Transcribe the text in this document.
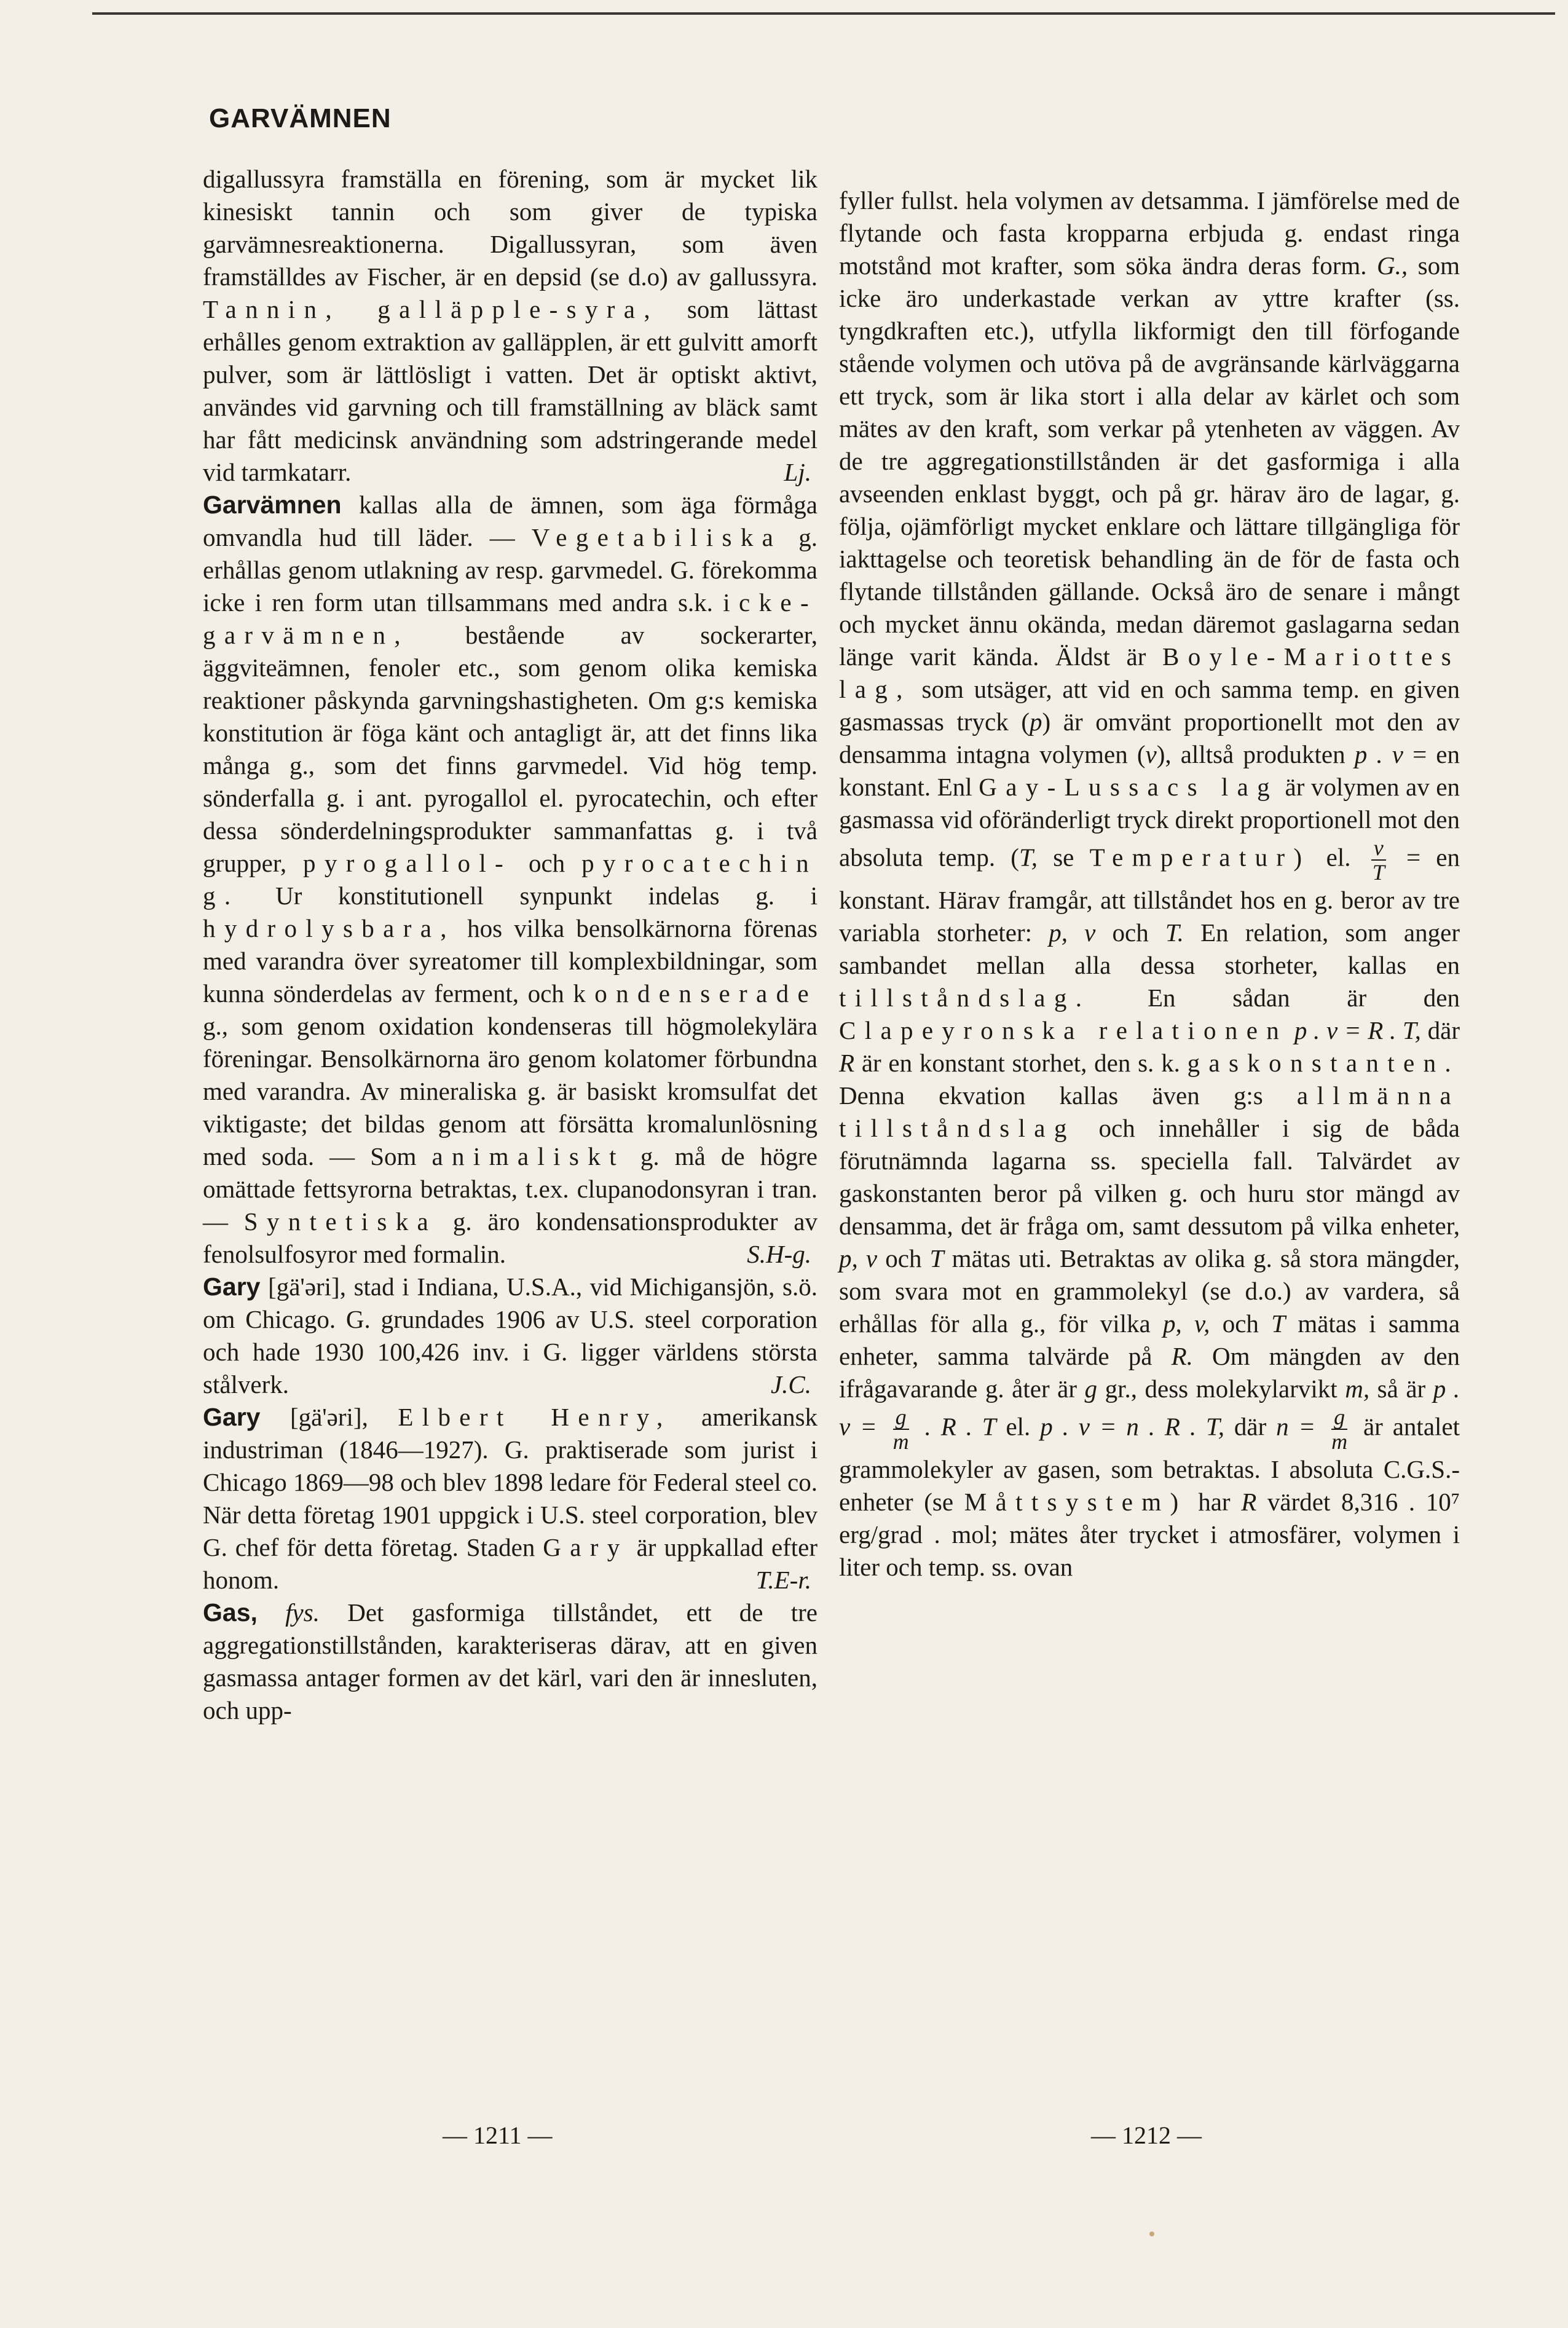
GARVÄMNEN

digallussyra framställa en förening, som är mycket lik kinesiskt tannin och som giver de typiska garvämnesreaktionerna. Digallussyran, som även framställdes av Fischer, är en depsid (se d.o) av gallussyra. Tannin, galläpple-syra, som lättast erhålles genom extraktion av galläpplen, är ett gulvitt amorft pulver, som är lättlösligt i vatten. Det är optiskt aktivt, användes vid garvning och till framställning av bläck samt har fått medicinsk användning som adstringerande medel vid tarmkatarr.	Lj.

Garvämnen kallas alla de ämnen, som äga förmåga omvandla hud till läder. — Vegetabiliska g. erhållas genom utlakning av resp. garvmedel. G. förekomma icke i ren form utan tillsammans med andra s.k. icke-garvämnen, bestående av sockerarter, äggviteämnen, fenoler etc., som genom olika kemiska reaktioner påskynda garvningshastigheten. Om g:s kemiska konstitution är föga känt och antagligt är, att det finns lika många g., som det finns garvmedel. Vid hög temp. sönderfalla g. i ant. pyrogallol el. pyrocatechin, och efter dessa sönderdelningsprodukter sammanfattas g. i två grupper, pyrogallol- och pyrocatechin g. Ur konstitutionell synpunkt indelas g. i hydrolysbara, hos vilka bensolkärnorna förenas med varandra över syreatomer till komplexbildningar, som kunna sönderdelas av ferment, och kondenserade g., som genom oxidation kondenseras till högmolekylära föreningar. Bensolkärnorna äro genom kolatomer förbundna med varandra. Av mineraliska g. är basiskt kromsulfat det viktigaste; det bildas genom att försätta kromalunlösning med soda. — Som animaliskt g. må de högre omättade fettsyrorna betraktas, t.ex. clupanodonsyran i tran. — Syntetiska g. äro kondensationsprodukter av fenolsulfosyror med formalin.	S.H-g.

Gary [gä'əri], stad i Indiana, U.S.A., vid Michigansjön, s.ö. om Chicago. G. grundades 1906 av U.S. steel corporation och hade 1930 100,426 inv. i G. ligger världens största stålverk.	J.C.

Gary [gä'əri], Elbert Henry, amerikansk industriman (1846—1927). G. praktiserade som jurist i Chicago 1869—98 och blev 1898 ledare för Federal steel co. När detta företag 1901 uppgick i U.S. steel corporation, blev G. chef för detta företag. Staden Gary är uppkallad efter honom.	T.E-r.

Gas, fys. Det gasformiga tillståndet, ett de tre aggregationstillstånden, karakteriseras därav, att en given gasmassa antager formen av det kärl, vari den är innesluten, och upp-

fyller fullst. hela volymen av detsamma. I jämförelse med de flytande och fasta kropparna erbjuda g. endast ringa motstånd mot krafter, som söka ändra deras form. G., som icke äro underkastade verkan av yttre krafter (ss. tyngdkraften etc.), utfylla likformigt den till förfogande stående volymen och utöva på de avgränsande kärlväggarna ett tryck, som är lika stort i alla delar av kärlet och som mätes av den kraft, som verkar på ytenheten av väggen. Av de tre aggregationstillstånden är det gasformiga i alla avseenden enklast byggt, och på gr. härav äro de lagar, g. följa, ojämförligt mycket enklare och lättare tillgängliga för iakttagelse och teoretisk behandling än de för de fasta och flytande tillstånden gällande. Också äro de senare i mångt och mycket ännu okända, medan däremot gaslagarna sedan länge varit kända. Äldst är Boyle-Mariottes lag, som utsäger, att vid en och samma temp. en given gasmassas tryck (p) är omvänt proportionellt mot den av densamma intagna volymen (v), alltså produkten p . v = en konstant. Enl Gay-Lussacs lag är volymen av en gasmassa vid oföränderligt tryck direkt proportionell mot den absoluta temp. (T, se Temperatur) el. $\frac{v}{T}$ = en konstant. Härav framgår, att tillståndet hos en g. beror av tre variabla storheter: p, v och T. En relation, som anger sambandet mellan alla dessa storheter, kallas en tillståndslag. En sådan är den Clapeyronska relationen p . v = R . T, där R är en konstant storhet, den s. k. gaskonstanten. Denna ekvation kallas även g:s allmänna tillståndslag och innehåller i sig de båda förutnämnda lagarna ss. speciella fall. Talvärdet av gaskonstanten beror på vilken g. och huru stor mängd av densamma, det är fråga om, samt dessutom på vilka enheter, p, v och T mätas uti. Betraktas av olika g. så stora mängder, som svara mot en grammolekyl (se d.o.) av vardera, så erhållas för alla g., för vilka p, v, och T mätas i samma enheter, samma talvärde på R. Om mängden av den ifrågavarande g. åter är g gr., dess molekylarvikt m, så är p . $v = \frac{g}{m}$ . R . T el. p . v = n . R . T, där $n = \frac{g}{m}$ är antalet grammolekyler av gasen, som betraktas. I absoluta C.G.S.-enheter (se Måttsystem) har R värdet 8,316 . 10⁷ erg/grad . mol; mätes åter trycket i atmosfärer, volymen i liter och temp. ss. ovan

— 1211 —	— 1212 —
